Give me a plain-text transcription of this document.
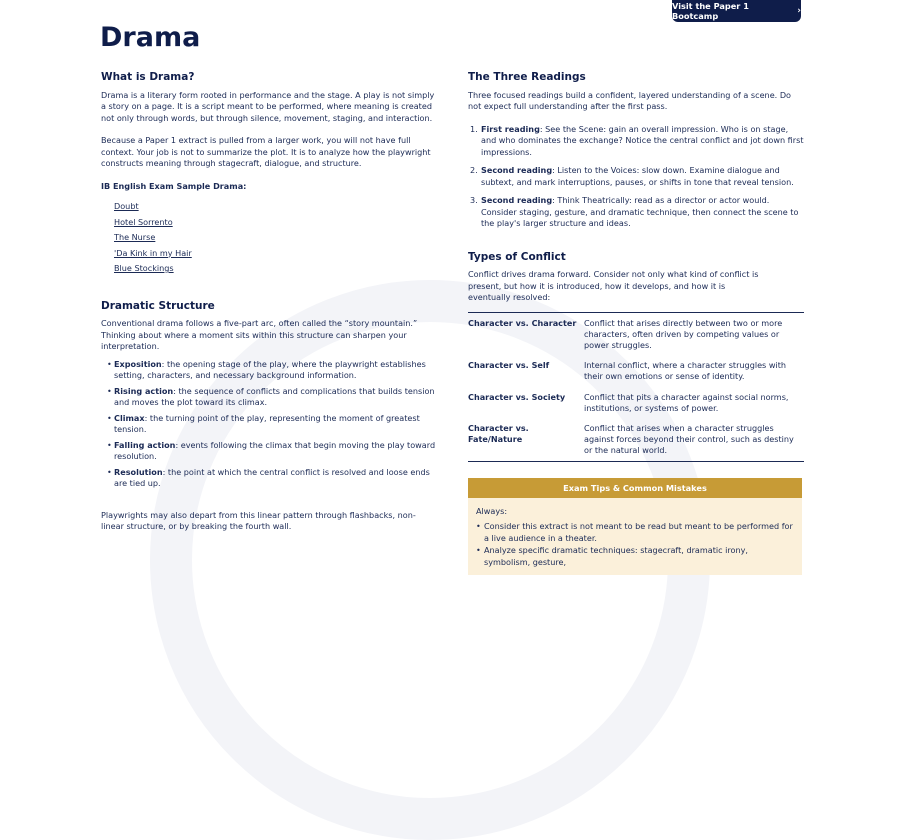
Visit the Paper 1 Bootcamp	›
Drama
What is Drama?

Drama is a literary form rooted in performance and the stage. A play is not simply a story on a page. It is a script meant to be performed, where meaning is created not only through words, but through silence, movement, staging, and interaction.

Because a Paper 1 extract is pulled from a larger work, you will not have full context. Your job is not to summarize the plot. It is to analyze how the playwright constructs meaning through stagecraft, dialogue, and structure.

IB English Exam Sample Drama:
Doubt
Hotel Sorrento
The Nurse
'Da Kink in my Hair
Blue Stockings
Dramatic Structure

Conventional drama follows a five-part arc, often called the “story mountain.” Thinking about where a moment sits within this structure can sharpen your interpretation.

• Exposition: the opening stage of the play, where the playwright establishes setting, characters, and necessary background information.
• Rising action: the sequence of conflicts and complications that builds tension and moves the plot toward its climax.
• Climax: the turning point of the play, representing the moment of greatest tension.
• Falling action: events following the climax that begin moving the play toward resolution.
• Resolution: the point at which the central conflict is resolved and loose ends are tied up.

Playwrights may also depart from this linear pattern through flashbacks, non-linear structure, or by breaking the fourth wall.

The Three Readings

Three focused readings build a confident, layered understanding of a scene. Do not expect full understanding after the first pass.

1. First reading: See the Scene: gain an overall impression. Who is on stage, and who dominates the exchange? Notice the central conflict and jot down first impressions.
2. Second reading: Listen to the Voices: slow down. Examine dialogue and subtext, and mark interruptions, pauses, or shifts in tone that reveal tension.
3. Second reading: Think Theatrically: read as a director or actor would. Consider staging, gesture, and dramatic technique, then connect the scene to the play's larger structure and ideas.
Types of Conflict

Conflict drives drama forward. Consider not only what kind of conflict is present, but how it is introduced, how it develops, and how it is eventually resolved:

Character vs. Character	Conflict that arises directly between two or more characters, often driven by competing values or power struggles.
Character vs. Self	Internal conflict, where a character struggles with their own emotions or sense of identity.
Character vs. Society	Conflict that pits a character against social norms, institutions, or systems of power.
Character vs. Fate/Nature	Conflict that arises when a character struggles against forces beyond their control, such as destiny or the natural world.
Exam Tips & Common Mistakes
Always:
• Consider this extract is not meant to be read but meant to be performed for a live audience in a theater.
• Analyze specific dramatic techniques: stagecraft, dramatic irony, symbolism, gesture,
